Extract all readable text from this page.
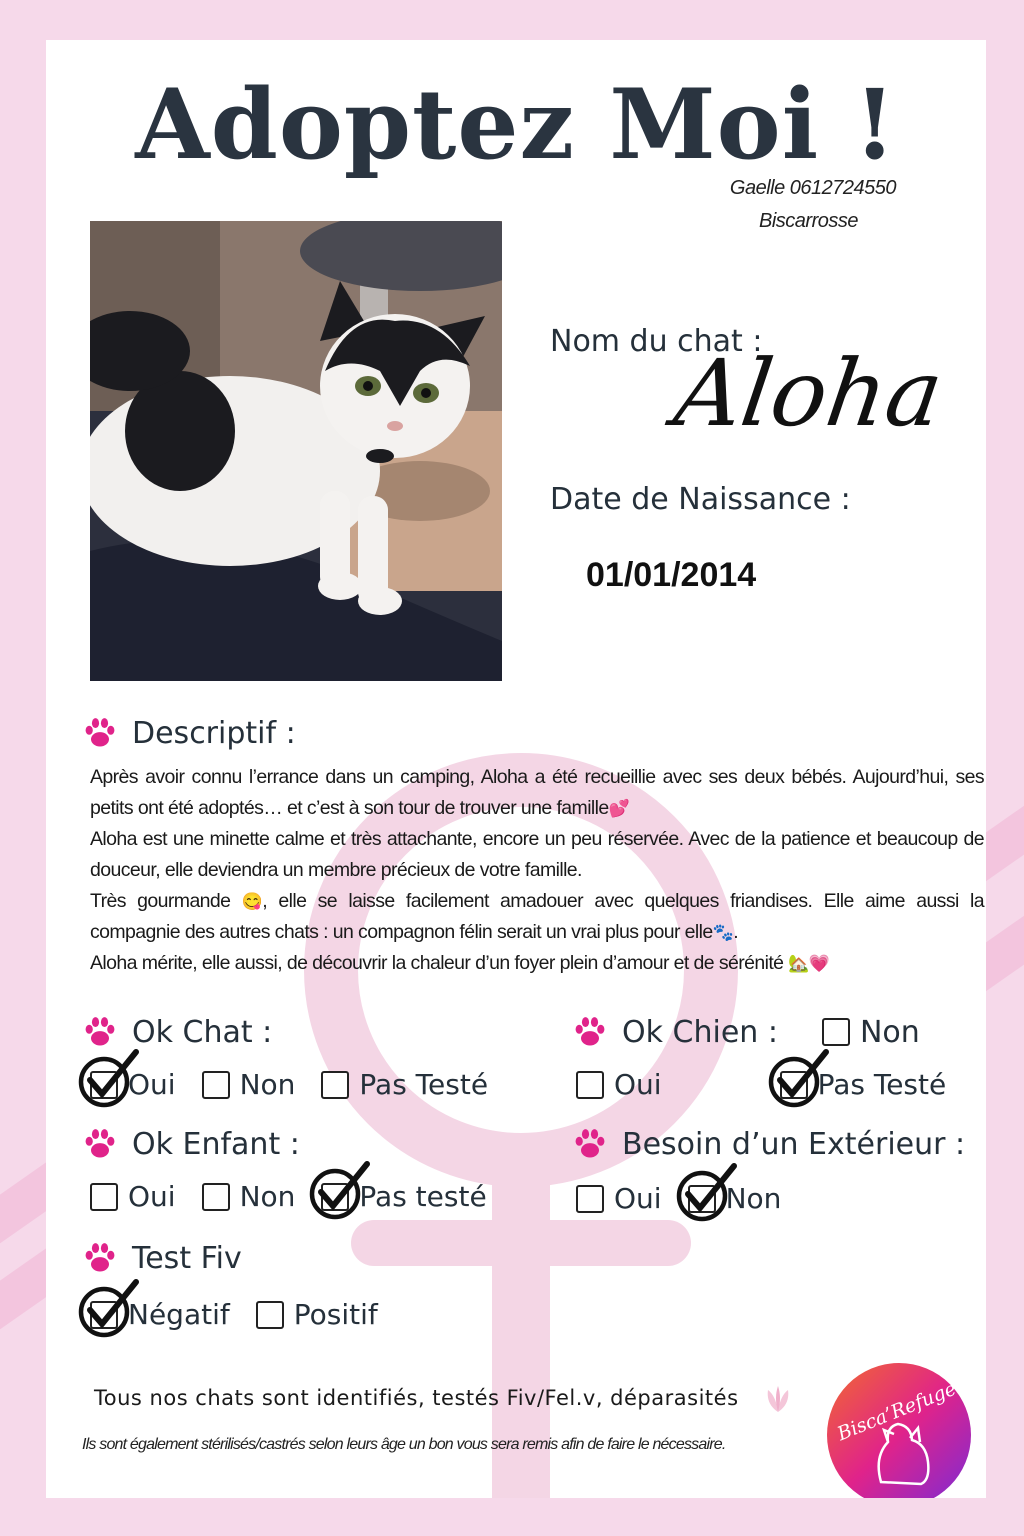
Adoptez Moi !
Gaelle 0612724550
Biscarrosse
Nom du chat :
Aloha
Date de Naissance :
01/01/2014
Descriptif :

Après avoir connu l’errance dans un camping, Aloha a été recueillie avec ses deux bébés. Aujourd’hui, ses petits ont été adoptés… et c’est à son tour de trouver une famille💕

Aloha est une minette calme et très attachante, encore un peu réservée. Avec de la patience et beaucoup de douceur, elle deviendra un membre précieux de votre famille.

Très gourmande 😋, elle se laisse facilement amadouer avec quelques friandises. Elle aime aussi la compagnie des autres chats : un compagnon félin serait un vrai plus pour elle🐾.

Aloha mérite, elle aussi, de découvrir la chaleur d’un foyer plein d’amour et de sérénité 🏡💗

Ok Chat :
Oui Non Pas Testé
Ok Chien :	Non
Oui	Pas Testé
Ok Enfant :
Oui Non Pas testé
Besoin d’un Extérieur :
Oui Non
Test Fiv
Négatif Positif
Tous nos chats sont identifiés, testés Fiv/Fel.v, déparasités
Ils sont également stérilisés/castrés selon leurs âge un bon vous sera remis afin de faire le nécessaire.	Bisca’Refuge
